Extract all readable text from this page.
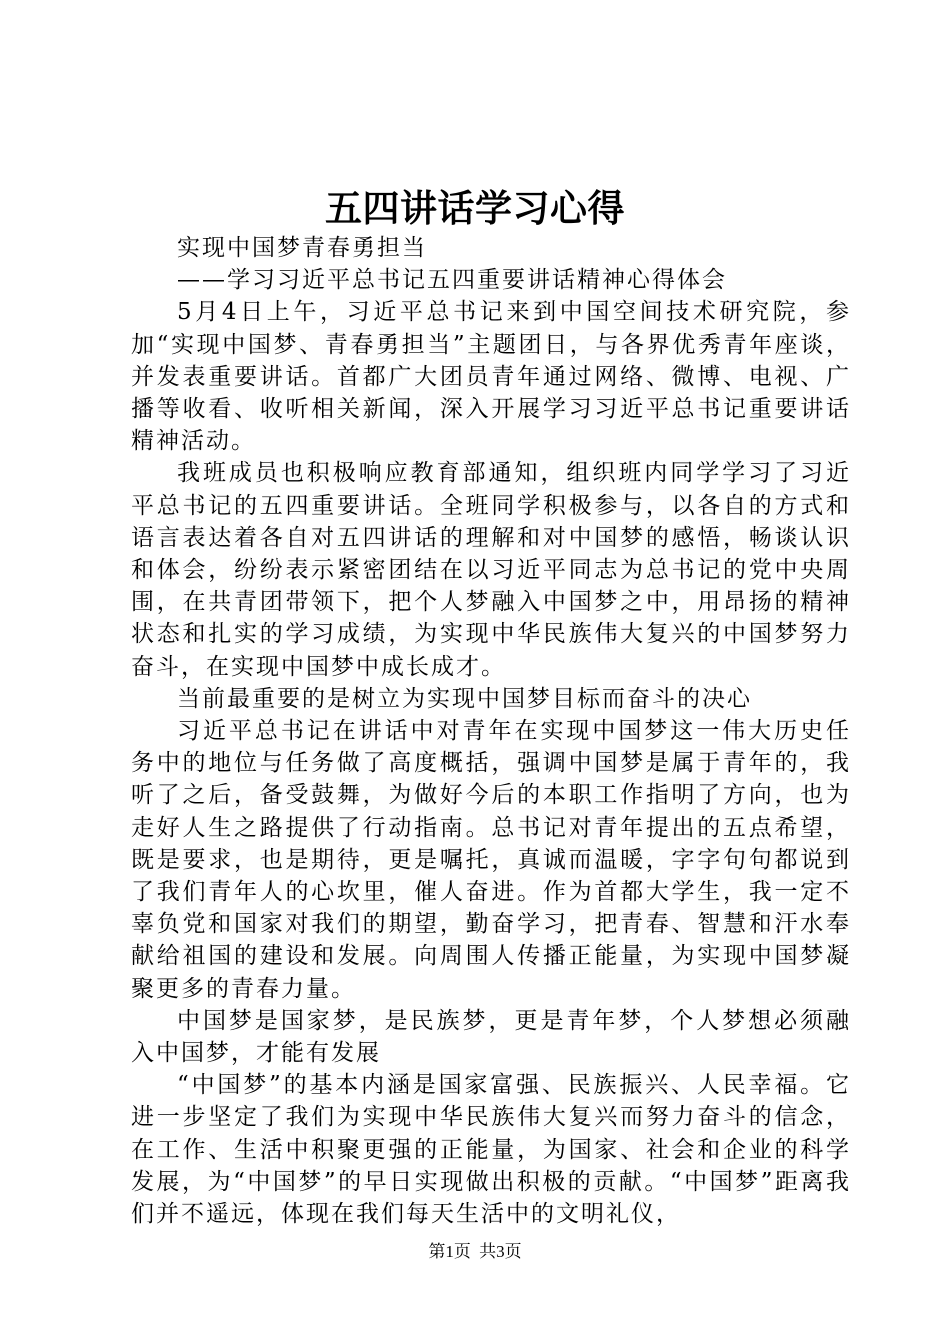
五四讲话学习心得

实现中国梦青春勇担当

——学习习近平总书记五四重要讲话精神心得体会

5月4日上午，习近平总书记来到中国空间技术研究院，参加“实现中国梦、青春勇担当”主题团日，与各界优秀青年座谈，并发表重要讲话。首都广大团员青年通过网络、微博、电视、广播等收看、收听相关新闻，深入开展学习习近平总书记重要讲话精神活动。

我班成员也积极响应教育部通知，组织班内同学学习了习近平总书记的五四重要讲话。全班同学积极参与，以各自的方式和语言表达着各自对五四讲话的理解和对中国梦的感悟，畅谈认识和体会，纷纷表示紧密团结在以习近平同志为总书记的党中央周围，在共青团带领下，把个人梦融入中国梦之中，用昂扬的精神状态和扎实的学习成绩，为实现中华民族伟大复兴的中国梦努力奋斗，在实现中国梦中成长成才。

当前最重要的是树立为实现中国梦目标而奋斗的决心

习近平总书记在讲话中对青年在实现中国梦这一伟大历史任务中的地位与任务做了高度概括，强调中国梦是属于青年的，我听了之后，备受鼓舞，为做好今后的本职工作指明了方向，也为走好人生之路提供了行动指南。总书记对青年提出的五点希望，既是要求，也是期待，更是嘱托，真诚而温暖，字字句句都说到了我们青年人的心坎里，催人奋进。作为首都大学生，我一定不辜负党和国家对我们的期望，勤奋学习，把青春、智慧和汗水奉献给祖国的建设和发展。向周围人传播正能量，为实现中国梦凝聚更多的青春力量。

中国梦是国家梦，是民族梦，更是青年梦，个人梦想必须融入中国梦，才能有发展

“中国梦”的基本内涵是国家富强、民族振兴、人民幸福。它进一步坚定了我们为实现中华民族伟大复兴而努力奋斗的信念，在工作、生活中积聚更强的正能量，为国家、社会和企业的科学发展，为“中国梦”的早日实现做出积极的贡献。“中国梦”距离我们并不遥远，体现在我们每天生活中的文明礼仪，

第1页 共3页
